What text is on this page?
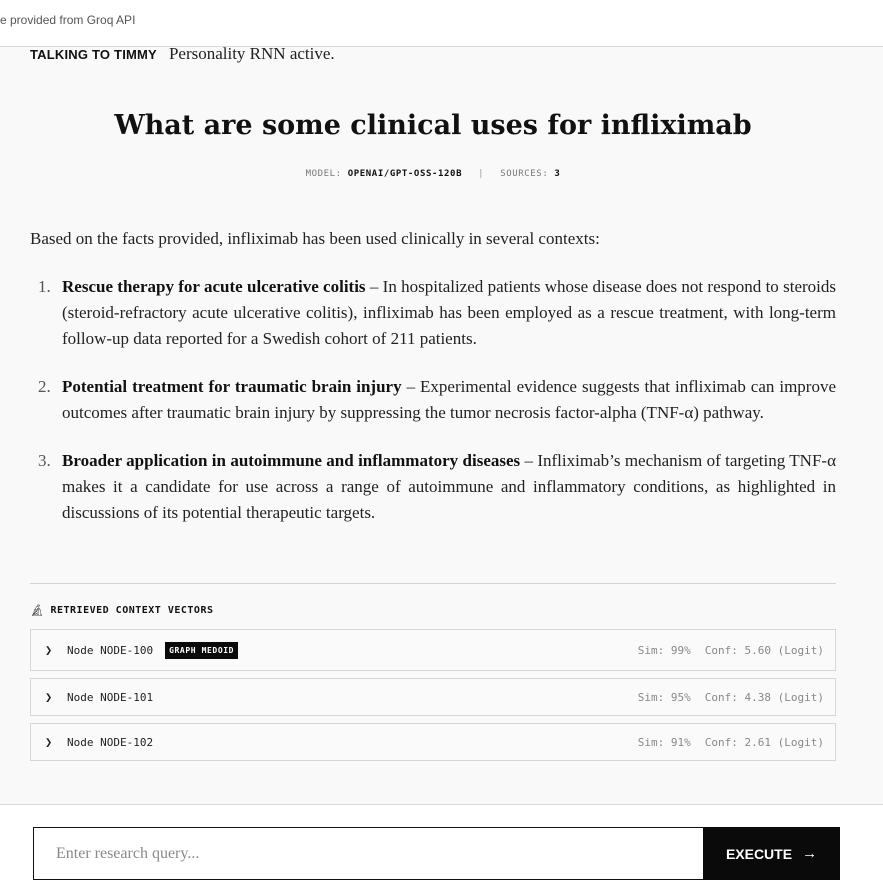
e provided from Groq API
TALKING TO TIMMY Personality RNN active.
What are some clinical uses for infliximab
MODEL: OPENAI/GPT-OSS-120B | SOURCES: 3

Based on the facts provided, infliximab has been used clinically in several contexts:

1. Rescue therapy for acute ulcerative colitis – In hospitalized patients whose disease does not respond to steroids (steroid-refractory acute ulcerative colitis), infliximab has been employed as a rescue treatment, with long-term follow-up data reported for a Swedish cohort of 211 patients.
2. Potential treatment for traumatic brain injury – Experimental evidence suggests that infliximab can improve outcomes after traumatic brain injury by suppressing the tumor necrosis factor-alpha (TNF-α) pathway.
3. Broader application in autoimmune and inflammatory diseases – Infliximab’s mechanism of targeting TNF-α makes it a candidate for use across a range of autoimmune and inflammatory conditions, as highlighted in discussions of its potential therapeutic targets.
🔬︎ RETRIEVED CONTEXT VECTORS
❯	Node NODE-100	GRAPH MEDOID	Sim: 99% Conf: 5.60 (Logit)
❯	Node NODE-101	Sim: 95% Conf: 4.38 (Logit)
❯	Node NODE-102	Sim: 91% Conf: 2.61 (Logit)
Enter research query...
EXECUTE →
